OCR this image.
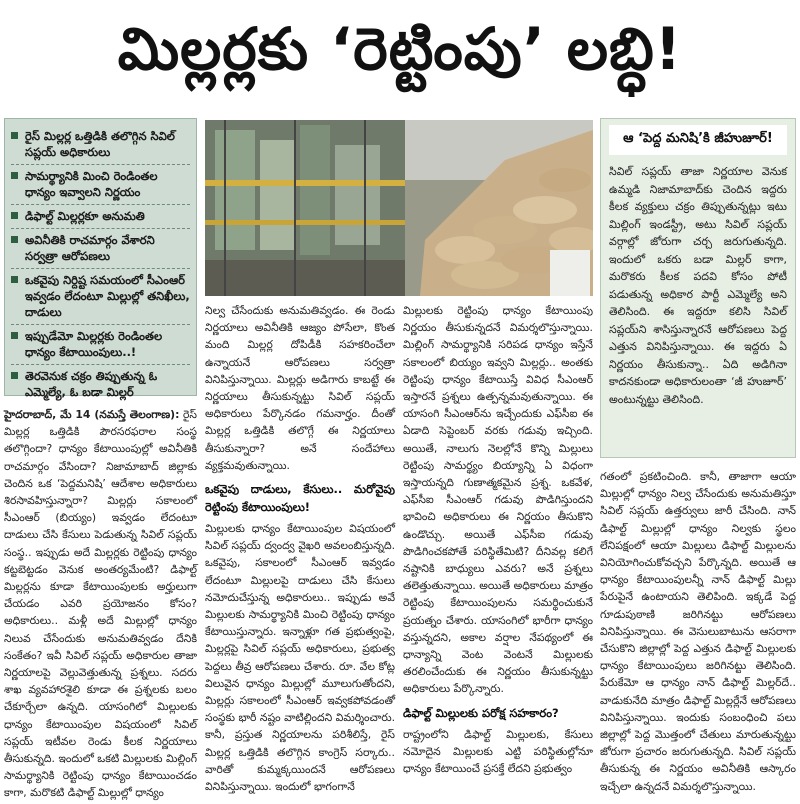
మిల్లర్లకు ‘రెట్టింపు’ లబ్ధి!
రైస్ మిల్లర్ల ఒత్తిడికి తలొగ్గిన సివిల్ సప్లయ్ అధికారులు
సామర్థ్యానికి మించి రెండింతల ధాన్యం ఇవ్వాలని నిర్ణయం
డిఫాల్ట్ మిల్లర్లకూ అనుమతి
అవినీతికి రాచమార్గం వేశారని సర్వత్రా ఆరోపణలు
ఒకవైపు నిర్దిష్ట సమయంలో సీఎంఆర్ ఇవ్వడం లేదంటూ మిల్లుల్లో తనిఖీలు, దాడులు
ఇప్పుడేమో మిల్లర్లకు రెండింతల ధాన్యం కేటాయింపులు..!
తెరవెనుక చక్రం తిప్పుతున్న ఓ ఎమ్మెల్యే, ఓ బడా మిల్లర్
ఆ ‘పెద్ద మనిషి’కి జీహుజూర్!
సివిల్ సప్లయ్ తాజా నిర్ణయాల వెనుక ఉమ్మడి నిజామాబాద్‌కు చెందిన ఇద్దరు కీలక వ్యక్తులు చక్రం తిప్పుతున్నట్లు ఇటు మిల్లింగ్ ఇండస్ట్రీ, అటు సివిల్ సప్లయ్ వర్గాల్లో జోరుగా చర్చ జరుగుతున్నది. ఇందులో ఒకరు బడా మిల్లర్ కాగా, మరొకరు కీలక పదవి కోసం పోటీ పడుతున్న అధికార పార్టీ ఎమ్మెల్యే అని తెలిసింది. ఈ ఇద్దరూ కలిసి సివిల్ సప్లయ్‌ని శాసిస్తున్నారనే ఆరోపణలు పెద్ద ఎత్తున వినిపిస్తున్నాయి. ఈ ఇద్దరు ఏ నిర్ణయం తీసుకున్నా.. ఏది అడిగినా కాదనకుండా అధికారులంతా ‘జీ హుజూర్’ అంటున్నట్టు తెలిసింది.

హైదరాబాద్, మే 14 (నమస్తే తెలంగాణ): రైస్ మిల్లర్ల ఒత్తిడికి పౌరసరఫరాల సంస్థ తలొగ్గిందా? ధాన్యం కేటాయింపుల్లో అవినీతికి రాచమార్గం వేసిందా? నిజామాబాద్ జిల్లాకు చెందిన ఒక ‘పెద్దమనిషి’ ఆదేశాల అధికారులు శిరసావహిస్తున్నారా? మిల్లర్లు సకాలంలో సీఎంఆర్ (బియ్యం) ఇవ్వడం లేదంటూ దాడులు చేసి కేసులు పెడుతున్న సివిల్ సప్లయ్ సంస్థ.. ఇప్పుడు అదే మిల్లర్లకు రెట్టింపు ధాన్యం కట్టబెట్టడం వెనుక అంతర్యమేంటి? డిఫాల్ట్ మిల్లర్లను కూడా కేటాయింపులకు అర్హులుగా చేయడం ఎవరి ప్రయోజనం కోసం? అధికారులు.. మళ్లీ అదే మిల్లుల్లో ధాన్యం నిలువ చేసేందుకు అనుమతివ్వడం దేనికి సంకేతం? ఇవీ సివిల్ సప్లయ్ అధికారుల తాజా నిర్ణయాలపై వెల్లువెత్తుతున్న ప్రశ్నలు. సదరు శాఖ వ్యవహారశైలి కూడా ఈ ప్రశ్నలకు బలం చేకూర్చేలా ఉన్నది. యాసంగిలో మిల్లులకు ధాన్యం కేటాయింపుల విషయంలో సివిల్ సప్లయ్ ఇటీవల రెండు కీలక నిర్ణయాలు తీసుకున్నది. ఇందులో ఒకటి మిల్లులకు మిల్లింగ్ సామర్థ్యానికి రెట్టింపు ధాన్యం కేటాయించడం కాగా, మరొకటి డిఫాల్ట్ మిల్లుల్లో ధాన్యం

నిల్వ చేసేందుకు అనుమతివ్వడం. ఈ రెండు నిర్ణయాలు అవినీతికి ఆజ్యం పోసేలా, కొంత మంది మిల్లర్ల దోపిడీకి సహకరించేలా ఉన్నాయనే ఆరోపణలు సర్వత్రా వినిపిస్తున్నాయి. మిల్లర్లు అడిగారు కాబట్టే ఈ నిర్ణయాలు తీసుకున్నట్టు సివిల్ సప్లయ్ అధికారులు పేర్కొనడం గమనార్హం. దీంతో మిల్లర్ల ఒత్తిడికి తలొగ్గే ఈ నిర్ణయాలు తీసుకున్నారా? అనే సందేహాలు వ్యక్తమవుతున్నాయి.

ఒకవైపు దాడులు, కేసులు.. మరోవైపు రెట్టింపు కేటాయింపులు!

మిల్లులకు ధాన్యం కేటాయింపుల విషయంలో సివిల్ సప్లయ్ ద్వంద్వ వైఖరి అవలంబిస్తున్నది. ఒకవైపు, సకాలంలో సీఎంఆర్ ఇవ్వడం లేదంటూ మిల్లులపై దాడులు చేసి కేసులు నమోదుచేస్తున్న అధికారులు.. ఇప్పుడు అవే మిల్లులకు సామర్థ్యానికి మించి రెట్టింపు ధాన్యం కేటాయిస్తున్నారు. ఇన్నాళ్లూ గత ప్రభుత్వంపై, మిల్లర్లపై సివిల్ సప్లయ్ అధికారులు, ప్రభుత్వ పెద్దలు తీవ్ర ఆరోపణలు చేశారు. రూ. వేల కోట్ల విలువైన ధాన్యం మిల్లుల్లో మూలుగుతోందని, మిల్లర్లు సకాలంలో సీఎంఆర్ ఇవ్వకపోవడంతో సంస్థకు భారీ నష్టం వాటిల్లిందని విమర్శించారు. కానీ, ప్రస్తుత నిర్ణయాలను పరిశీలిస్తే, రైస్ మిల్లర్ల ఒత్తిడికి తలొగ్గిన కాంగ్రెస్ సర్కారు.. వారితో కుమ్మక్కయిందనే ఆరోపణలు వినిపిస్తున్నాయి. ఇందులో భాగంగానే

మిల్లులకు రెట్టింపు ధాన్యం కేటాయింపు నిర్ణయం తీసుకున్నదనే విమర్శలొస్తున్నాయి. మిల్లింగ్ సామర్థ్యానికి సరిపడ ధాన్యం ఇస్తేనే సకాలంలో బియ్యం ఇవ్వని మిల్లర్లు.. అంతకు రెట్టింపు ధాన్యం కేటాయిస్తే వివిధ సీఎంఆర్ ఇస్తారనే ప్రశ్నలు ఉత్పన్నమవుతున్నాయి. ఈ యాసంగి సీఎంఆర్‌ను ఇచ్చేందుకు ఎఫ్‌సీఐ ఈ ఏడాది సెప్టెంబర్ వరకు గడువు ఇచ్చింది. అయితే, నాలుగు నెలల్లోనే కొన్ని మిల్లులు రెట్టింపు సామర్థ్యం బియ్యాన్ని ఏ విధంగా ఇస్తాయన్నది గుణాత్మకమైన ప్రశ్న. ఒకవేళ, ఎఫ్‌సీఐ సీఎంఆర్ గడువు పొడిగిస్తుందని భావించి అధికారులు ఈ నిర్ణయం తీసుకొని ఉండొచ్చు. అయితే ఎఫ్‌సీఐ గడువు పొడిగించకపోతే పరిస్థితేమిటి? దీనివల్ల కలిగే నష్టానికి బాధ్యులు ఎవరు? అనే ప్రశ్నలు తలెత్తుతున్నాయి. అయితే అధికారులు మాత్రం రెట్టింపు కేటాయింపులను సమర్థించుకునే ప్రయత్నం చేశారు. యాసంగిలో భారీగా ధాన్యం వస్తున్నదని, అకాల వర్షాల నేపథ్యంలో ఈ ధాన్యాన్ని వెంట వెంటనే మిల్లులకు తరలించేందుకు ఈ నిర్ణయం తీసుకున్నట్టు అధికారులు పేర్కొన్నారు.

డిఫాల్ట్ మిల్లులకు పరోక్ష సహకారం?

రాష్ట్రంలోని డిఫాల్ట్ మిల్లులకు, కేసులు నమోదైన మిల్లులకు ఎట్టి పరిస్థితుల్లోనూ ధాన్యం కేటాయించే ప్రసక్తే లేదని ప్రభుత్వం

గతంలో ప్రకటించింది. కానీ, తాజాగా ఆయా మిల్లుల్లో ధాన్యం నిల్వ చేసేందుకు అనుమతిస్తూ సివిల్ సప్లయ్ ఉత్తర్వులు జారీ చేసింది. నాన్ డిఫాల్ట్ మిల్లుల్లో ధాన్యం నిల్వకు స్థలం లేనిపక్షంలో ఆయా మిల్లులు డిఫాల్ట్ మిల్లులను వినియోగించుకోవచ్చని పేర్కొన్నది. అయితే ఆ ధాన్యం కేటాయింపులన్నీ నాన్ డిఫాల్ట్ మిల్లు పేరుపైనే ఉంటాయని తెలిపింది. ఇక్కడే పెద్ద గూడుపుఠాణి జరిగినట్టు ఆరోపణలు వినిపిస్తున్నాయి. ఈ వెసులుబాటును ఆసరాగా చేసుకొని జిల్లాల్లో పెద్ద ఎత్తున డిఫాల్ట్ మిల్లులకు ధాన్యం కేటాయింపులు జరిగినట్టు తెలిసింది. పేరుకేమో ఆ ధాన్యం నాన్ డిఫాల్ట్ మిల్లర్‌దే.. వాడుకునేది మాత్రం డిఫాల్ట్ మిల్లర్లేనే ఆరోపణలు వినిపిస్తున్నాయి. ఇందుకు సంబంధించి పలు జిల్లాల్లో పెద్ద మొత్తంలో చేతులు మారుతున్నట్టు జోరుగా ప్రచారం జరుగుతున్నది. సివిల్ సప్లయ్ తీసుకున్న ఈ నిర్ణయం అవినీతికి ఆస్కారం ఇచ్చేలా ఉన్నదనే విమర్శలొస్తున్నాయి.
